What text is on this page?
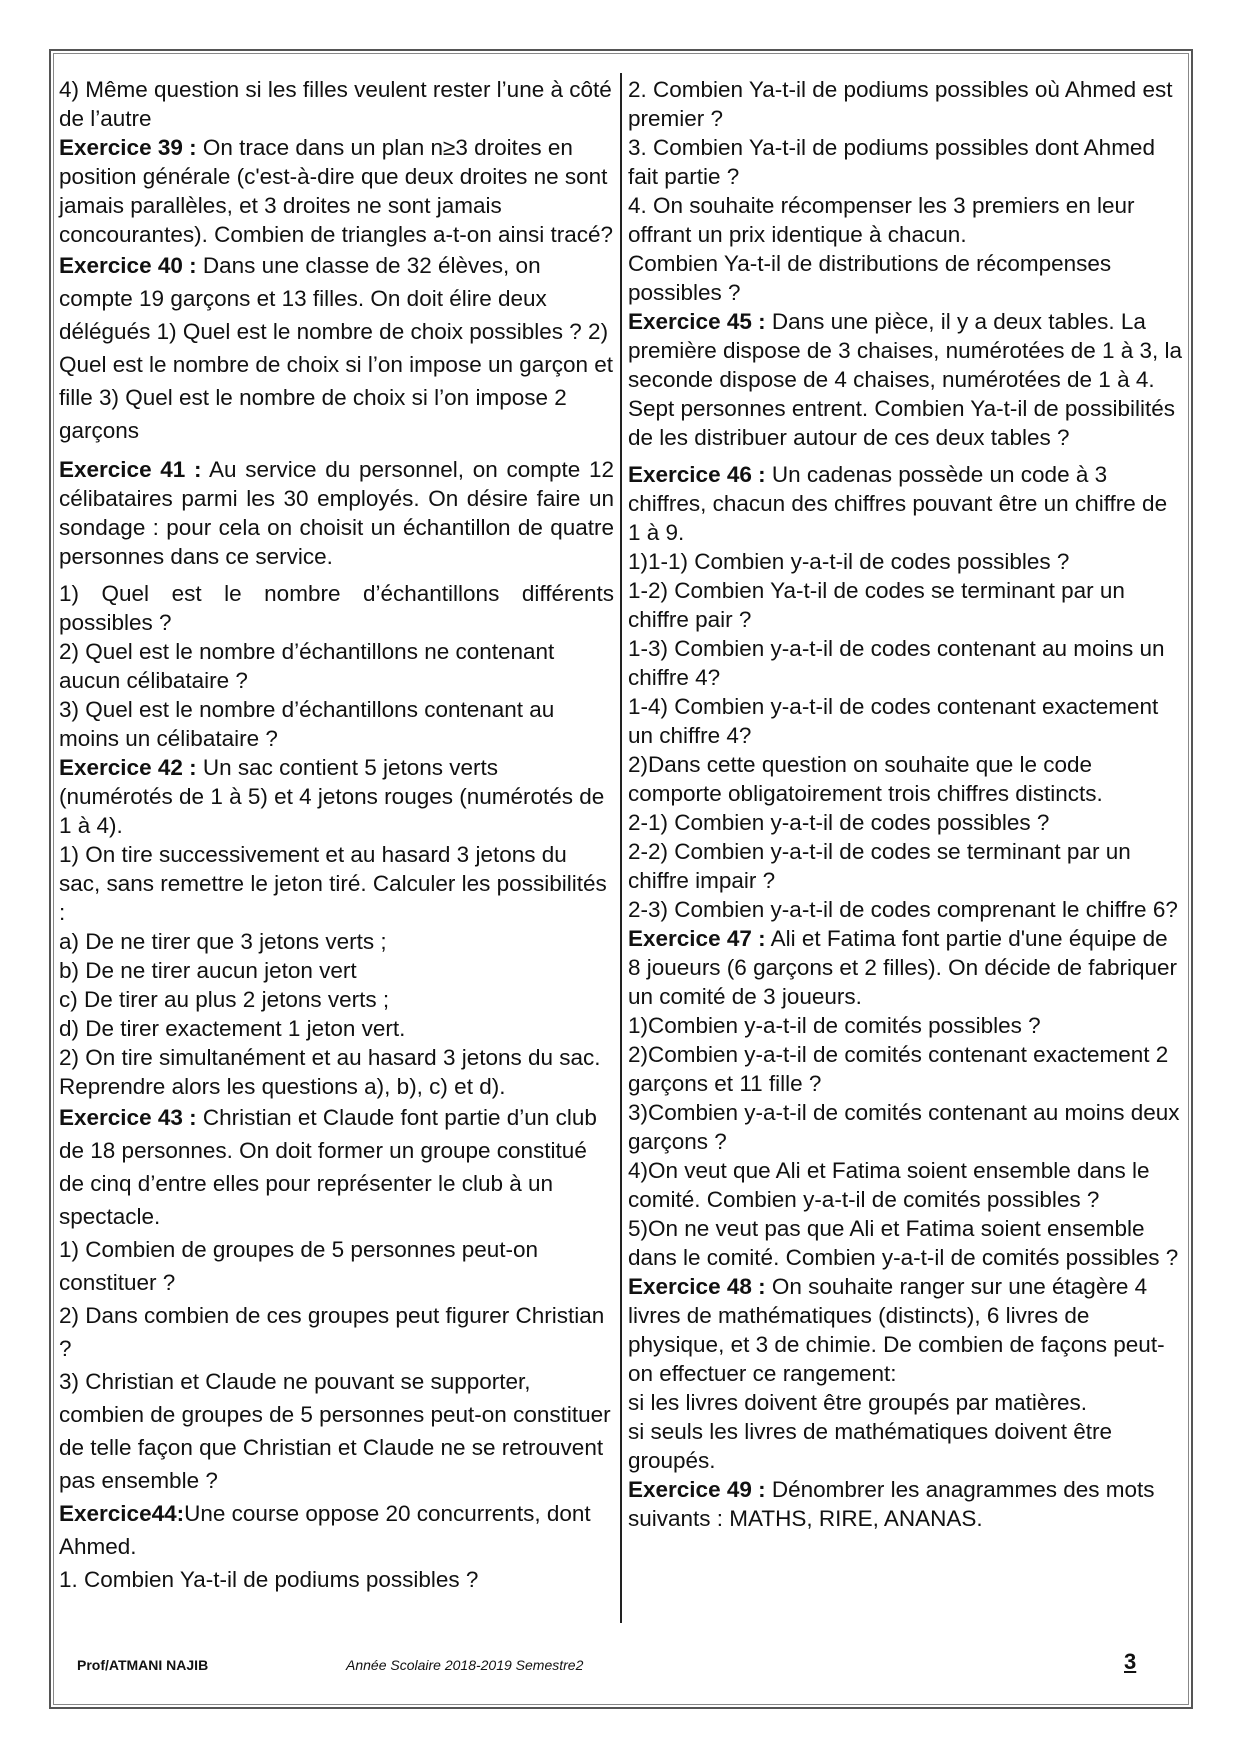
4) Même question si les filles veulent rester l’une à côté de l’autre

Exercice 39 : On trace dans un plan n≥3 droites en position générale (c'est-à-dire que deux droites ne sont jamais parallèles, et 3 droites ne sont jamais concourantes). Combien de triangles a-t-on ainsi tracé?

Exercice 40 : Dans une classe de 32 élèves, on compte 19 garçons et 13 filles. On doit élire deux délégués 1) Quel est le nombre de choix possibles ? 2) Quel est le nombre de choix si l’on impose un garçon et fille 3) Quel est le nombre de choix si l’on impose 2 garçons

Exercice 41 : Au service du personnel, on compte 12 célibataires parmi les 30 employés. On désire faire un sondage : pour cela on choisit un échantillon de quatre personnes dans ce service.

1) Quel est le nombre d’échantillons différents possibles ?

2) Quel est le nombre d’échantillons ne contenant aucun célibataire ?

3) Quel est le nombre d’échantillons contenant au moins un célibataire ?

Exercice 42 : Un sac contient 5 jetons verts (numérotés de 1 à 5) et 4 jetons rouges (numérotés de 1 à 4).

1) On tire successivement et au hasard 3 jetons du sac, sans remettre le jeton tiré. Calculer les possibilités :

a) De ne tirer que 3 jetons verts ;

b) De ne tirer aucun jeton vert

c) De tirer au plus 2 jetons verts ;

d) De tirer exactement 1 jeton vert.

2) On tire simultanément et au hasard 3 jetons du sac.

Reprendre alors les questions a), b), c) et d).

Exercice 43 : Christian et Claude font partie d’un club de 18 personnes. On doit former un groupe constitué de cinq d’entre elles pour représenter le club à un spectacle.

1) Combien de groupes de 5 personnes peut-on constituer ?

2) Dans combien de ces groupes peut figurer Christian ?

3) Christian et Claude ne pouvant se supporter, combien de groupes de 5 personnes peut-on constituer de telle façon que Christian et Claude ne se retrouvent pas ensemble ?

Exercice44:Une course oppose 20 concurrents, dont Ahmed.

1. Combien Ya-t-il de podiums possibles ?

2. Combien Ya-t-il de podiums possibles où Ahmed est premier ?

3. Combien Ya-t-il de podiums possibles dont Ahmed fait partie ?

4. On souhaite récompenser les 3 premiers en leur offrant un prix identique à chacun.

Combien Ya-t-il de distributions de récompenses possibles ?

Exercice 45 : Dans une pièce, il y a deux tables. La première dispose de 3 chaises, numérotées de 1 à 3, la seconde dispose de 4 chaises, numérotées de 1 à 4. Sept personnes entrent. Combien Ya-t-il de possibilités de les distribuer autour de ces deux tables ?

Exercice 46 : Un cadenas possède un code à 3 chiffres, chacun des chiffres pouvant être un chiffre de 1 à 9.

1)1-1) Combien y-a-t-il de codes possibles ?

1-2) Combien Ya-t-il de codes se terminant par un chiffre pair ?

1-3) Combien y-a-t-il de codes contenant au moins un chiffre 4?

1-4) Combien y-a-t-il de codes contenant exactement un chiffre 4?

2)Dans cette question on souhaite que le code comporte obligatoirement trois chiffres distincts.

2-1) Combien y-a-t-il de codes possibles ?

2-2) Combien y-a-t-il de codes se terminant par un chiffre impair ?

2-3) Combien y-a-t-il de codes comprenant le chiffre 6?

Exercice 47 : Ali et Fatima font partie d'une équipe de 8 joueurs (6 garçons et 2 filles). On décide de fabriquer un comité de 3 joueurs.

1)Combien y-a-t-il de comités possibles ?

2)Combien y-a-t-il de comités contenant exactement 2 garçons et 11 fille ?

3)Combien y-a-t-il de comités contenant au moins deux garçons ?

4)On veut que Ali et Fatima soient ensemble dans le comité. Combien y-a-t-il de comités possibles ?

5)On ne veut pas que Ali et Fatima soient ensemble dans le comité. Combien y-a-t-il de comités possibles ?

Exercice 48 : On souhaite ranger sur une étagère 4 livres de mathématiques (distincts), 6 livres de physique, et 3 de chimie. De combien de façons peut-on effectuer ce rangement:

si les livres doivent être groupés par matières.

si seuls les livres de mathématiques doivent être groupés.

Exercice 49 : Dénombrer les anagrammes des mots suivants : MATHS, RIRE, ANANAS.

Prof/ATMANI NAJIB	Année Scolaire 2018-2019 Semestre2	3
